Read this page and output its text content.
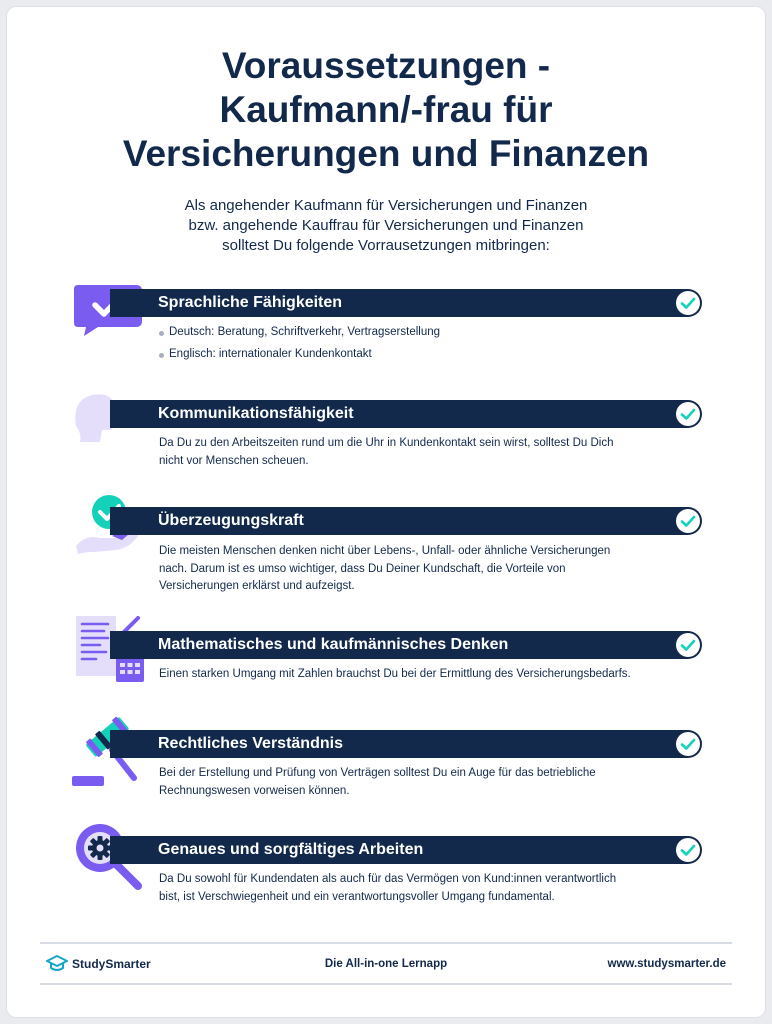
Voraussetzungen -
Kaufmann/-frau für
Versicherungen und Finanzen
Als angehender Kaufmann für Versicherungen und Finanzen
bzw. angehende Kauffrau für Versicherungen und Finanzen
solltest Du folgende Vorrausetzungen mitbringen:
Sprachliche Fähigkeiten
Deutsch: Beratung, Schriftverkehr, Vertragserstellung
Englisch: internationaler Kundenkontakt
Kommunikationsfähigkeit
Da Du zu den Arbeitszeiten rund um die Uhr in Kundenkontakt sein wirst, solltest Du Dich
nicht vor Menschen scheuen.
Überzeugungskraft
Die meisten Menschen denken nicht über Lebens-, Unfall- oder ähnliche Versicherungen
nach. Darum ist es umso wichtiger, dass Du Deiner Kundschaft, die Vorteile von
Versicherungen erklärst und aufzeigst.
Mathematisches und kaufmännisches Denken
Einen starken Umgang mit Zahlen brauchst Du bei der Ermittlung des Versicherungsbedarfs.
Rechtliches Verständnis
Bei der Erstellung und Prüfung von Verträgen solltest Du ein Auge für das betriebliche
Rechnungswesen vorweisen können.
Genaues und sorgfältiges Arbeiten
Da Du sowohl für Kundendaten als auch für das Vermögen von Kund:innen verantwortlich
bist, ist Verschwiegenheit und ein verantwortungsvoller Umgang fundamental.
StudySmarter	Die All-in-one Lernapp	www.studysmarter.de
